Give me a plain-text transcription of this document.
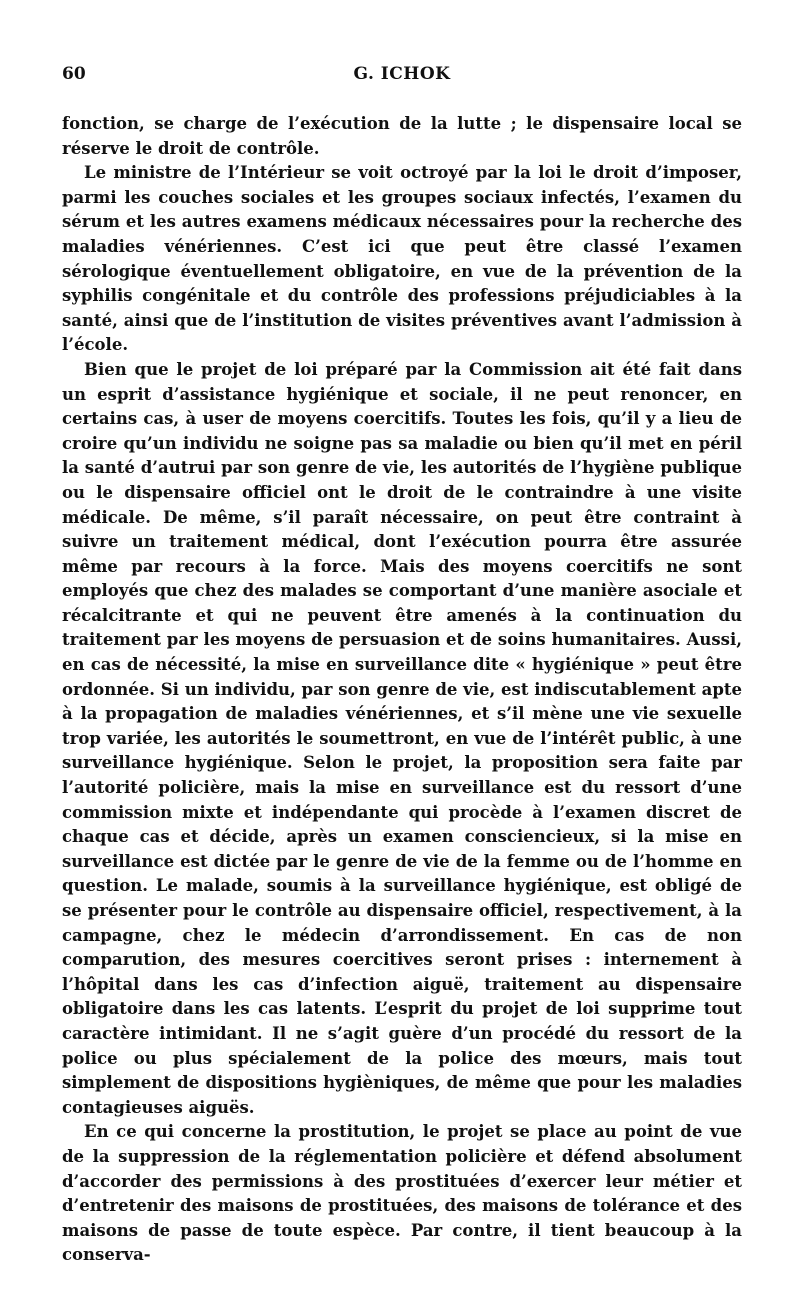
60	G. ICHOK

fonction, se charge de l’exécution de la lutte ; le dispensaire local se réserve le droit de contrôle.

Le ministre de l’Intérieur se voit octroyé par la loi le droit d’imposer, parmi les couches sociales et les groupes sociaux infectés, l’examen du sérum et les autres examens médicaux nécessaires pour la recherche des maladies vénériennes. C’est ici que peut être classé l’examen sérologique éventuellement obligatoire, en vue de la prévention de la syphilis congénitale et du contrôle des professions préjudiciables à la santé, ainsi que de l’institution de visites préventives avant l’admission à l’école.

Bien que le projet de loi préparé par la Commission ait été fait dans un esprit d’assistance hygiénique et sociale, il ne peut renoncer, en certains cas, à user de moyens coercitifs. Toutes les fois, qu’il y a lieu de croire qu’un individu ne soigne pas sa maladie ou bien qu’il met en péril la santé d’autrui par son genre de vie, les autorités de l’hygiène publique ou le dispensaire officiel ont le droit de le contraindre à une visite médicale. De même, s’il paraît nécessaire, on peut être contraint à suivre un traitement médical, dont l’exécution pourra être assurée même par recours à la force. Mais des moyens coercitifs ne sont employés que chez des malades se comportant d’une manière asociale et récalcitrante et qui ne peuvent être amenés à la continuation du traitement par les moyens de persuasion et de soins humanitaires. Aussi, en cas de nécessité, la mise en surveillance dite « hygiénique » peut être ordonnée. Si un individu, par son genre de vie, est indiscutablement apte à la propagation de maladies vénériennes, et s’il mène une vie sexuelle trop variée, les autorités le soumettront, en vue de l’intérêt public, à une surveillance hygiénique. Selon le projet, la proposition sera faite par l’autorité policière, mais la mise en surveillance est du ressort d’une commission mixte et indépendante qui procède à l’examen discret de chaque cas et décide, après un examen consciencieux, si la mise en surveillance est dictée par le genre de vie de la femme ou de l’homme en question. Le malade, soumis à la surveillance hygiénique, est obligé de se présenter pour le contrôle au dispensaire officiel, respectivement, à la campagne, chez le médecin d’arrondissement. En cas de non comparution, des mesures coercitives seront prises : internement à l’hôpital dans les cas d’infection aiguë, traitement au dispensaire obligatoire dans les cas latents. L’esprit du projet de loi supprime tout caractère intimidant. Il ne s’agit guère d’un procédé du ressort de la police ou plus spécialement de la police des mœurs, mais tout simplement de dispositions hygièniques, de même que pour les maladies contagieuses aiguës.

En ce qui concerne la prostitution, le projet se place au point de vue de la suppression de la réglementation policière et défend absolument d’accorder des permissions à des prostituées d’exercer leur métier et d’entretenir des maisons de prostituées, des maisons de tolérance et des maisons de passe de toute espèce. Par contre, il tient beaucoup à la conserva-
